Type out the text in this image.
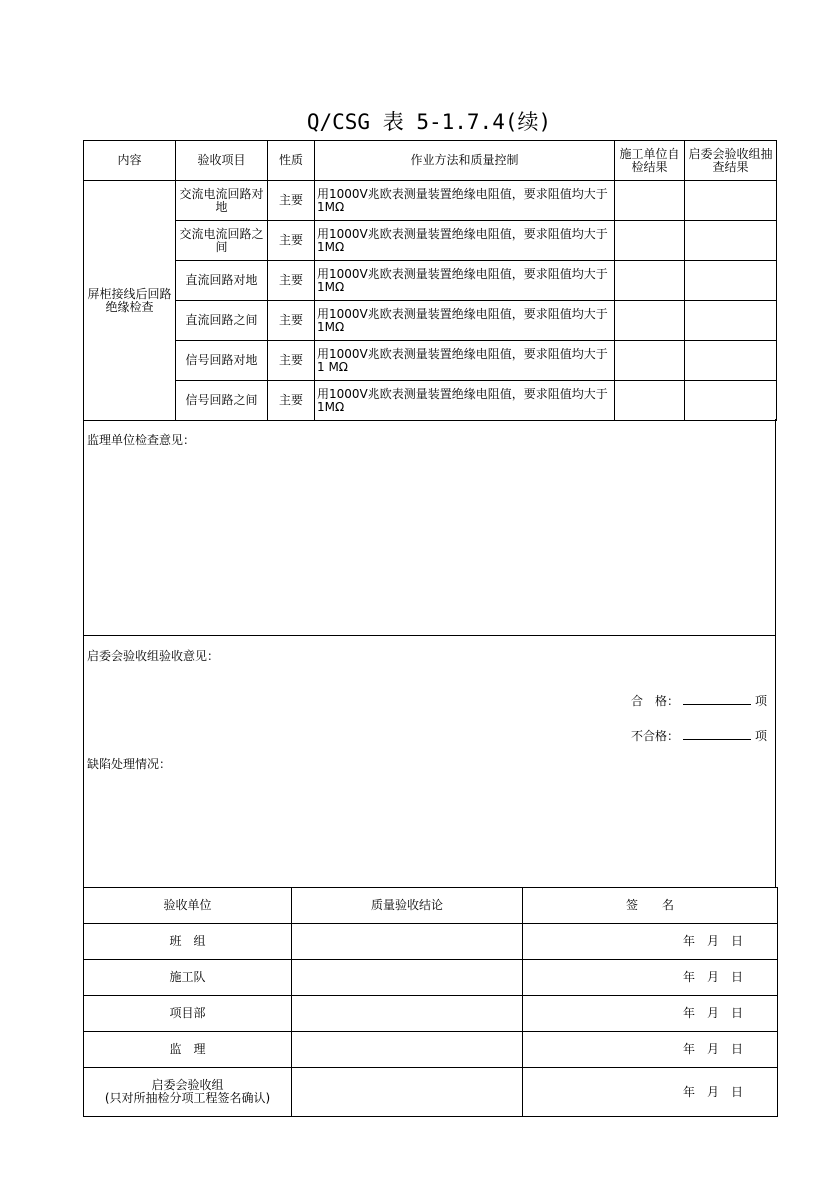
Q/CSG 表 5-1.7.4(续)
内容	验收项目	性质	作业方法和质量控制	施工单位自检结果	启委会验收组抽查结果
屏柜接线后回路绝缘检查	交流电流回路对地	主要	用1000V兆欧表测量装置绝缘电阻值，要求阻值均大于1MΩ		
	交流电流回路之间	主要	用1000V兆欧表测量装置绝缘电阻值，要求阻值均大于1MΩ		
	直流回路对地	主要	用1000V兆欧表测量装置绝缘电阻值，要求阻值均大于1MΩ		
	直流回路之间	主要	用1000V兆欧表测量装置绝缘电阻值，要求阻值均大于1MΩ		
	信号回路对地	主要	用1000V兆欧表测量装置绝缘电阻值，要求阻值均大于1 MΩ		
	信号回路之间	主要	用1000V兆欧表测量装置绝缘电阻值，要求阻值均大于1MΩ		
监理单位检查意见：
启委会验收组验收意见：
合　格：	项
不合格：	项
缺陷处理情况：
验收单位	质量验收结论	签　　名
班　组		年　月　日
施工队		年　月　日
项目部		年　月　日
监　理		年　月　日
启委会验收组
(只对所抽检分项工程签名确认)		年　月　日
